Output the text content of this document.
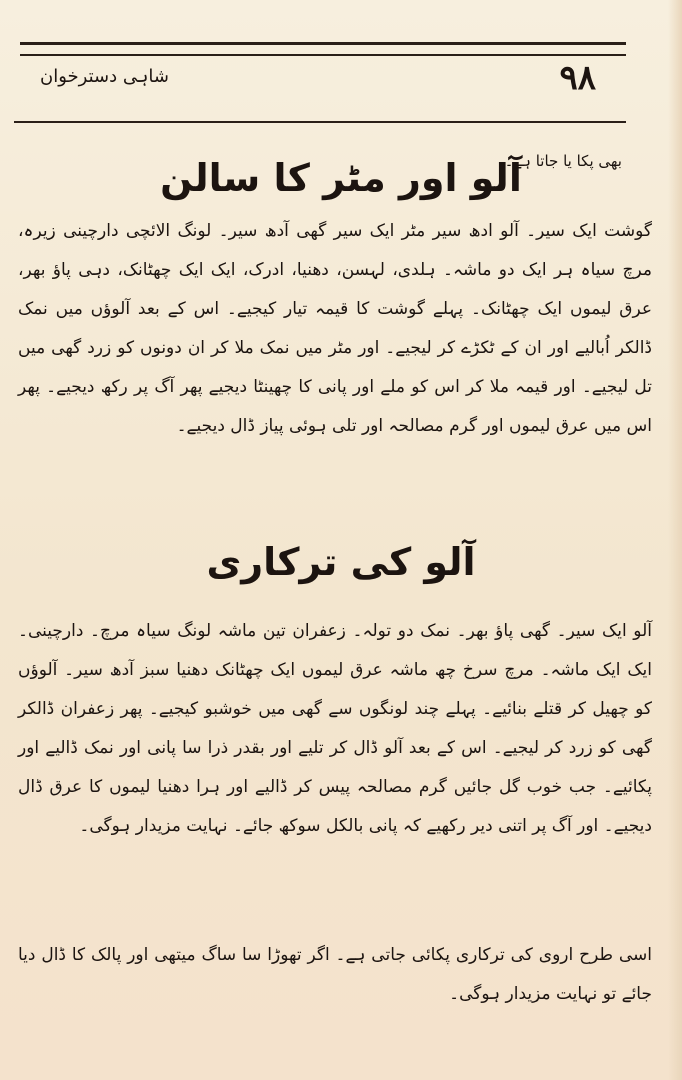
۹۸
شاہی دسترخوان
بھی پکا یا جاتا ہے۔
آلو اور مٹر کا سالن

گوشت ایک سیر۔ آلو ادھ سیر مٹر ایک سیر گھی آدھ سیر۔ لونگ الائچی دارچینی زیرہ، مرچ سیاہ ہر ایک دو ماشہ۔ ہلدی، لہسن، دھنیا، ادرک، ایک ایک چھٹانک، دہی پاؤ بھر، عرق لیموں ایک چھٹانک۔ پہلے گوشت کا قیمہ تیار کیجیے۔ اس کے بعد آلوؤں میں نمک ڈالکر اُبالیے اور ان کے ٹکڑے کر لیجیے۔ اور مٹر میں نمک ملا کر ان دونوں کو زرد گھی میں تل لیجیے۔ اور قیمہ ملا کر اس کو ملے اور پانی کا چھینٹا دیجیے پھر آگ پر رکھ دیجیے۔ پھر اس میں عرق لیموں اور گرم مصالحہ اور تلی ہوئی پیاز ڈال دیجیے۔

آلو کی ترکاری

آلو ایک سیر۔ گھی پاؤ بھر۔ نمک دو تولہ۔ زعفران تین ماشہ لونگ سیاہ مرچ۔ دارچینی۔ ایک ایک ماشہ۔ مرچ سرخ چھ ماشہ عرق لیموں ایک چھٹانک دھنیا سبز آدھ سیر۔ آلوؤں کو چھیل کر قتلے بنائیے۔ پہلے چند لونگوں سے گھی میں خوشبو کیجیے۔ پھر زعفران ڈالکر گھی کو زرد کر لیجیے۔ اس کے بعد آلو ڈال کر تلیے اور بقدر ذرا سا پانی اور نمک ڈالیے اور پکائیے۔ جب خوب گل جائیں گرم مصالحہ پیس کر ڈالیے اور ہرا دھنیا لیموں کا عرق ڈال دیجیے۔ اور آگ پر اتنی دیر رکھیے کہ پانی بالکل سوکھ جائے۔ نہایت مزیدار ہوگی۔

اسی طرح اروی کی ترکاری پکائی جاتی ہے۔ اگر تھوڑا سا ساگ میتھی اور پالک کا ڈال دیا جائے تو نہایت مزیدار ہوگی۔
